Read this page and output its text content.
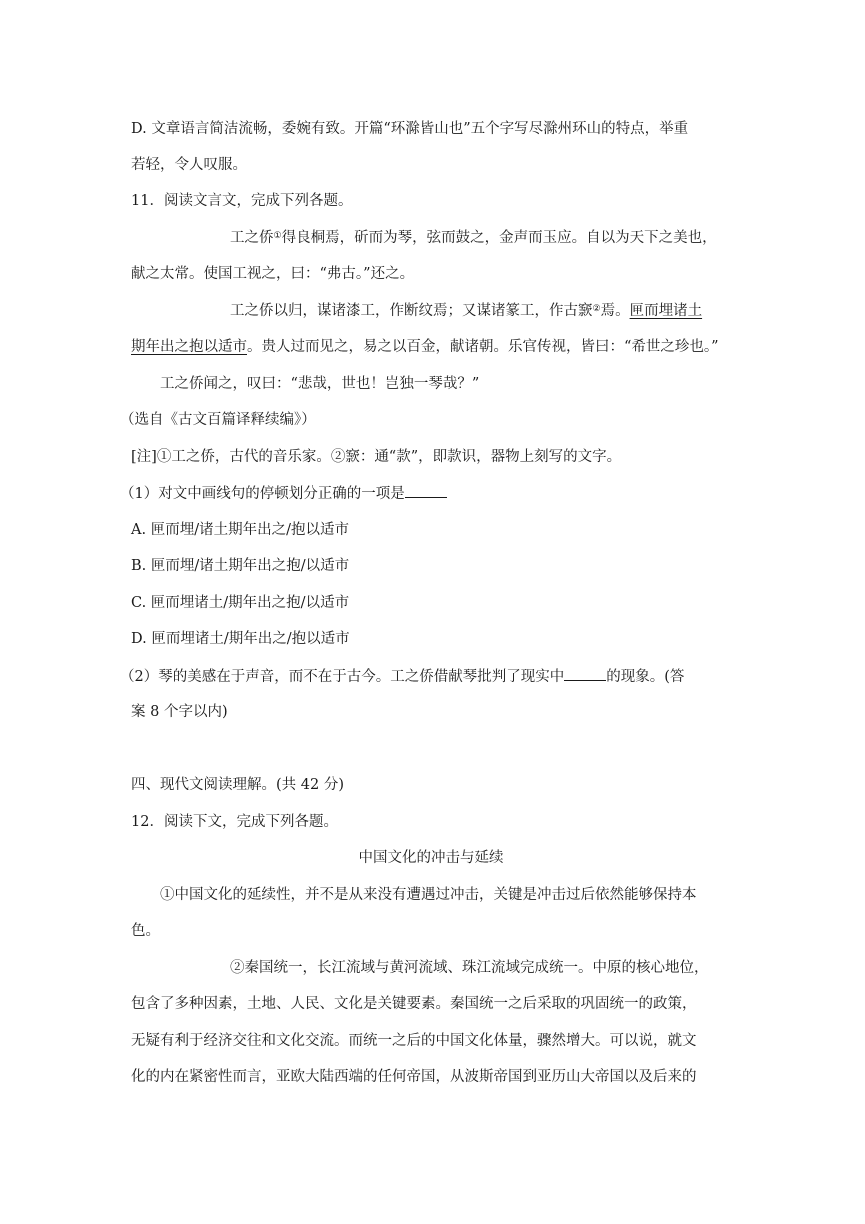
D. 文章语言简洁流畅，委婉有致。开篇“环滁皆山也”五个字写尽滁州环山的特点，举重
若轻，令人叹服。
11．阅读文言文，完成下列各题。
工之侨①得良桐焉，斫而为琴，弦而鼓之，金声而玉应。自以为天下之美也，
献之太常。使国工视之，曰：“弗古。”还之。
工之侨以归，谋诸漆工，作断纹焉；又谋诸篆工，作古窾②焉。匣而埋诸土
期年出之抱以适市。贵人过而见之，易之以百金，献诸朝。乐官传视，皆曰：“希世之珍也。”
工之侨闻之，叹曰：“悲哉，世也！岂独一琴哉？”
（选自《古文百篇译释续编》）
[注]①工之侨，古代的音乐家。②窾：通“款”，即款识，器物上刻写的文字。
（1）对文中画线句的停顿划分正确的一项是
A. 匣而埋/诸土期年出之/抱以适市
B. 匣而埋/诸土期年出之抱/以适市
C. 匣而埋诸土/期年出之抱/以适市
D. 匣而埋诸土/期年出之/抱以适市
（2）琴的美感在于声音，而不在于古今。工之侨借献琴批判了现实中	的现象。(答
案 8 个字以内)
四、现代文阅读理解。(共 42 分)
12．阅读下文，完成下列各题。
中国文化的冲击与延续
①中国文化的延续性，并不是从来没有遭遇过冲击，关键是冲击过后依然能够保持本
色。
②秦国统一，长江流域与黄河流域、珠江流域完成统一。中原的核心地位，
包含了多种因素，土地、人民、文化是关键要素。秦国统一之后采取的巩固统一的政策，
无疑有利于经济交往和文化交流。而统一之后的中国文化体量，骤然增大。可以说，就文
化的内在紧密性而言，亚欧大陆西端的任何帝国，从波斯帝国到亚历山大帝国以及后来的
